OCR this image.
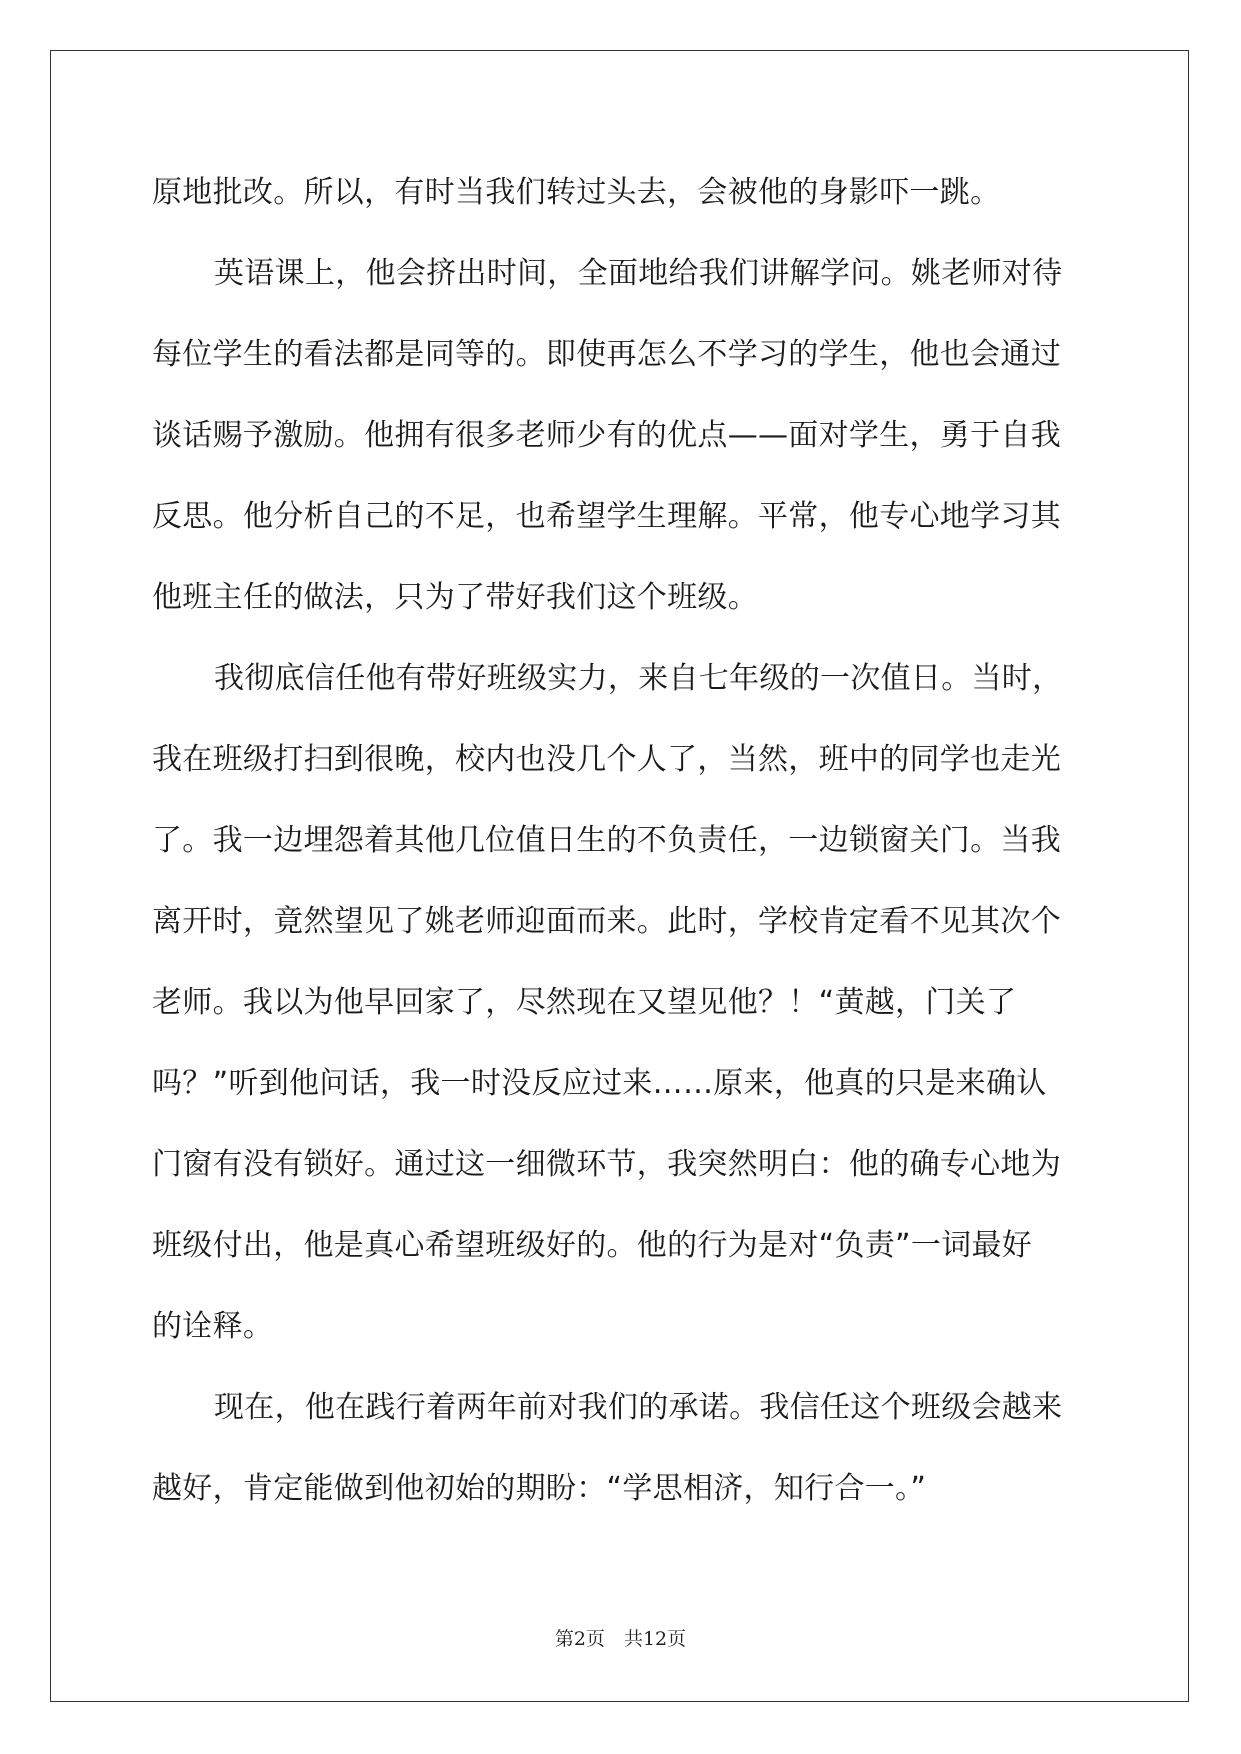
原地批改。所以，有时当我们转过头去，会被他的身影吓一跳。
英语课上，他会挤出时间，全面地给我们讲解学问。姚老师对待
每位学生的看法都是同等的。即使再怎么不学习的学生，他也会通过
谈话赐予激励。他拥有很多老师少有的优点——面对学生，勇于自我
反思。他分析自己的不足，也希望学生理解。平常，他专心地学习其
他班主任的做法，只为了带好我们这个班级。
我彻底信任他有带好班级实力，来自七年级的一次值日。当时，
我在班级打扫到很晚，校内也没几个人了，当然，班中的同学也走光
了。我一边埋怨着其他几位值日生的不负责任，一边锁窗关门。当我
离开时，竟然望见了姚老师迎面而来。此时，学校肯定看不见其次个
老师。我以为他早回家了，尽然现在又望见他？！“黄越，门关了
吗？”听到他问话，我一时没反应过来……原来，他真的只是来确认
门窗有没有锁好。通过这一细微环节，我突然明白：他的确专心地为
班级付出，他是真心希望班级好的。他的行为是对“负责”一词最好
的诠释。
现在，他在践行着两年前对我们的承诺。我信任这个班级会越来
越好，肯定能做到他初始的期盼：“学思相济，知行合一。”
第2页　共12页
